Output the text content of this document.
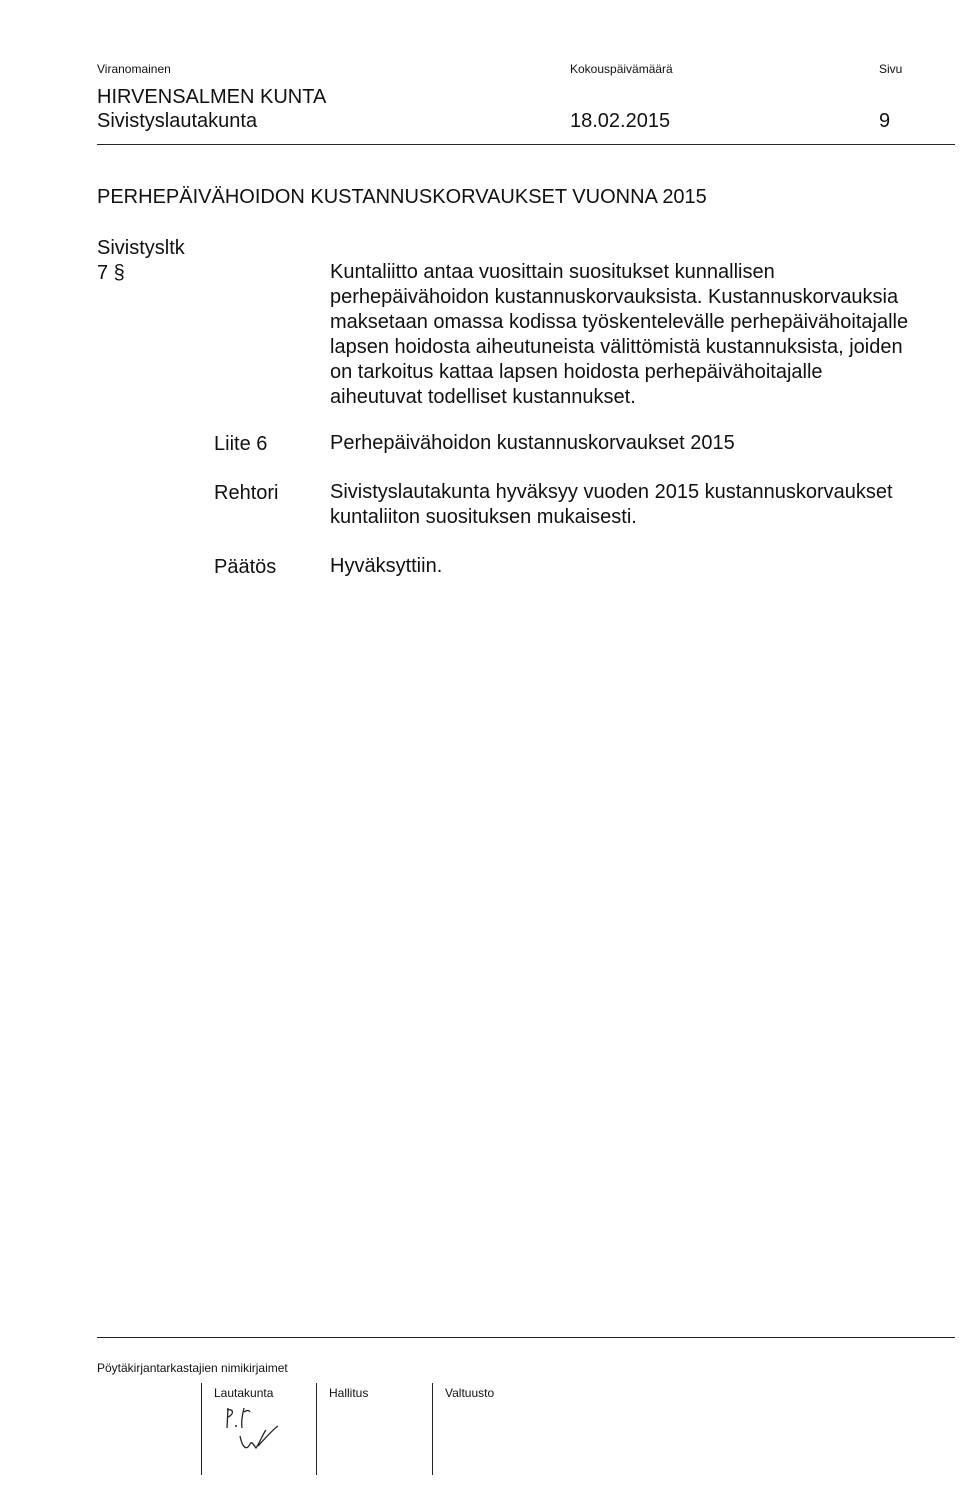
Viranomainen	Kokouspäivämäärä	Sivu
HIRVENSALMEN KUNTA
Sivistyslautakunta	18.02.2015	9
PERHEPÄIVÄHOIDON KUSTANNUSKORVAUKSET VUONNA 2015
Sivistysltk
7 §	Kuntaliitto antaa vuosittain suositukset kunnallisen
perhepäivähoidon kustannuskorvauksista. Kustannuskorvauksia
maksetaan omassa kodissa työskentelevälle perhepäivähoitajalle
lapsen hoidosta aiheutuneista välittömistä kustannuksista, joiden
on tarkoitus kattaa lapsen hoidosta perhepäivähoitajalle
aiheutuvat todelliset kustannukset.
Liite 6	Perhepäivähoidon kustannuskorvaukset 2015
Rehtori	Sivistyslautakunta hyväksyy vuoden 2015 kustannuskorvaukset
kuntaliiton suosituksen mukaisesti.
Päätös	Hyväksyttiin.
Pöytäkirjantarkastajien nimikirjaimet
Lautakunta	Hallitus	Valtuusto
